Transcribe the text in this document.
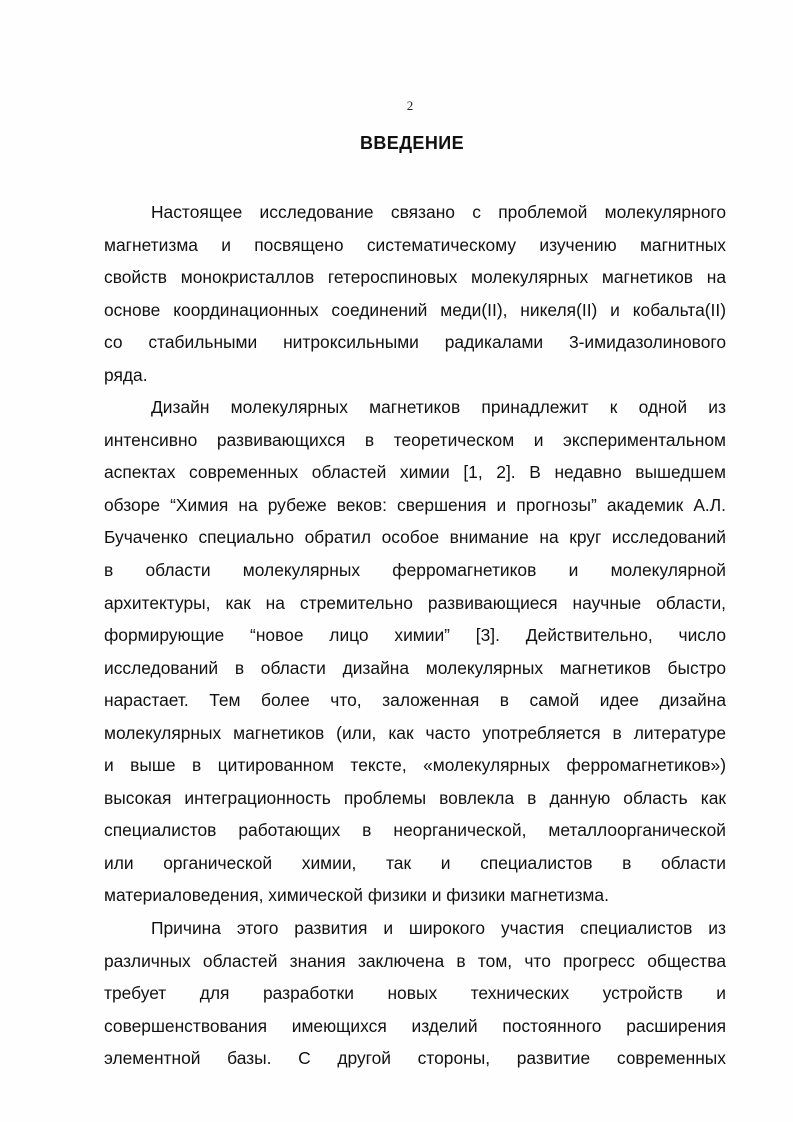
2
ВВЕДЕНИЕ
Настоящее исследование связано с проблемой молекулярного
магнетизма и посвящено систематическому изучению магнитных
свойств монокристаллов гетероспиновых молекулярных магнетиков на
основе координационных соединений меди(II), никеля(II) и кобальта(II)
со стабильными нитроксильными радикалами 3-имидазолинового
ряда.
Дизайн молекулярных магнетиков принадлежит к одной из
интенсивно развивающихся в теоретическом и экспериментальном
аспектах современных областей химии [1, 2]. В недавно вышедшем
обзоре “Химия на рубеже веков: свершения и прогнозы” академик А.Л.
Бучаченко специально обратил особое внимание на круг исследований
в области молекулярных ферромагнетиков и молекулярной
архитектуры, как на стремительно развивающиеся научные области,
формирующие “новое лицо химии” [3]. Действительно, число
исследований в области дизайна молекулярных магнетиков быстро
нарастает. Тем более что, заложенная в самой идее дизайна
молекулярных магнетиков (или, как часто употребляется в литературе
и выше в цитированном тексте, «молекулярных ферромагнетиков»)
высокая интеграционность проблемы вовлекла в данную область как
специалистов работающих в неорганической, металлоорганической
или органической химии, так и специалистов в области
материаловедения, химической физики и физики магнетизма.
Причина этого развития и широкого участия специалистов из
различных областей знания заключена в том, что прогресс общества
требует для разработки новых технических устройств и
совершенствования имеющихся изделий постоянного расширения
элементной базы. С другой стороны, развитие современных
